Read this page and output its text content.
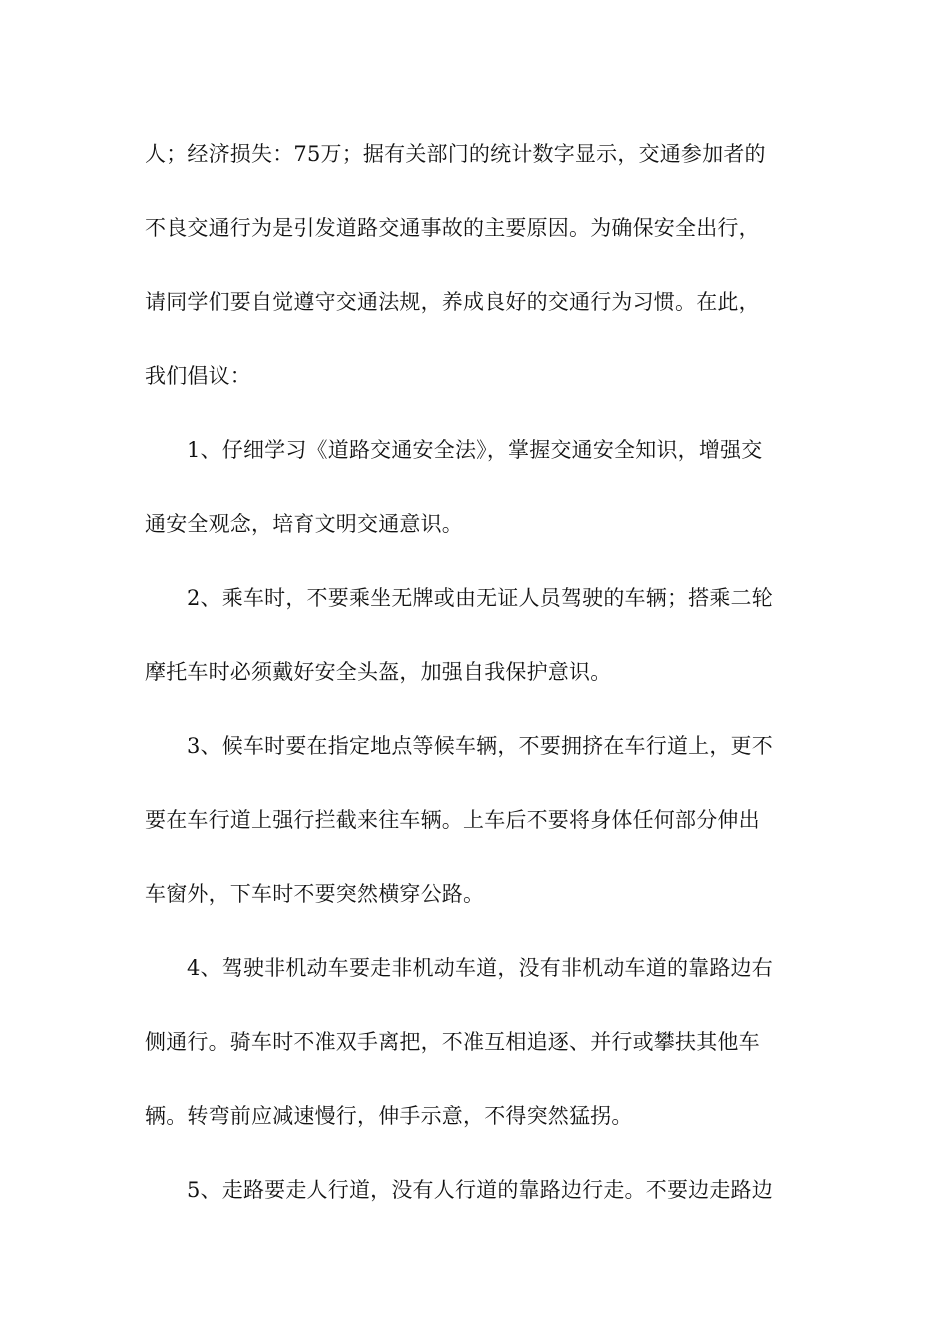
人；经济损失：75万；据有关部门的统计数字显示，交通参加者的
不良交通行为是引发道路交通事故的主要原因。为确保安全出行，
请同学们要自觉遵守交通法规，养成良好的交通行为习惯。在此，
我们倡议：
1、仔细学习《道路交通安全法》，掌握交通安全知识，增强交
通安全观念，培育文明交通意识。
2、乘车时，不要乘坐无牌或由无证人员驾驶的车辆；搭乘二轮
摩托车时必须戴好安全头盔，加强自我保护意识。
3、候车时要在指定地点等候车辆，不要拥挤在车行道上，更不
要在车行道上强行拦截来往车辆。上车后不要将身体任何部分伸出
车窗外，下车时不要突然横穿公路。
4、驾驶非机动车要走非机动车道，没有非机动车道的靠路边右
侧通行。骑车时不准双手离把，不准互相追逐、并行或攀扶其他车
辆。转弯前应减速慢行，伸手示意，不得突然猛拐。
5、走路要走人行道，没有人行道的靠路边行走。不要边走路边
